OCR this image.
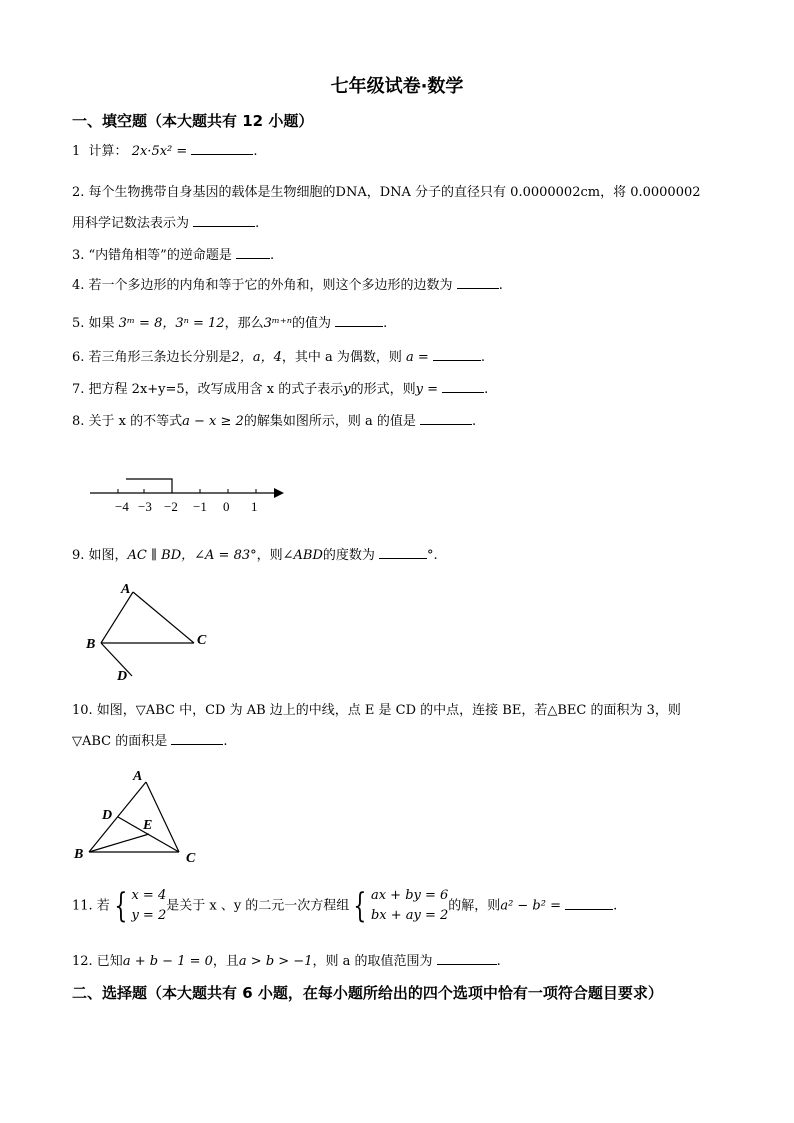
七年级试卷·数学
一、填空题（本大题共有 12 小题）
1 计算： 2x·5x² =	.
2. 每个生物携带自身基因的载体是生物细胞的DNA，DNA 分子的直径只有 0.0000002cm，将 0.0000002
用科学记数法表示为	.
3. “内错角相等”的逆命题是	.
4. 若一个多边形的内角和等于它的外角和，则这个多边形的边数为	.
5. 如果 3ᵐ = 8，3ⁿ = 12，那么3ᵐ⁺ⁿ的值为	.
6. 若三角形三条边长分别是2，a，4，其中 a 为偶数，则 a =	.
7. 把方程 2x+y=5，改写成用含 x 的式子表示y的形式，则y =	.
8. 关于 x 的不等式a − x ≥ 2的解集如图所示，则 a 的值是	.
−4 −3 −2 −1 0 1
9. 如图，AC ∥ BD，∠A = 83°，则∠ABD的度数为	°.
A
B	C
D
10. 如图，▽ABC 中，CD 为 AB 边上的中线，点 E 是 CD 的中点，连接 BE，若△BEC 的面积为 3，则
▽ABC 的面积是	.
A
D
E
B	C
11. 若 { x = 4
y = 2是关于 x 、y 的二元一次方程组 { ax + by = 6
bx + ay = 2的解，则a² − b² =	.
12. 已知a + b − 1 = 0，且a > b > −1，则 a 的取值范围为	.
二、选择题（本大题共有 6 小题，在每小题所给出的四个选项中恰有一项符合题目要求）
